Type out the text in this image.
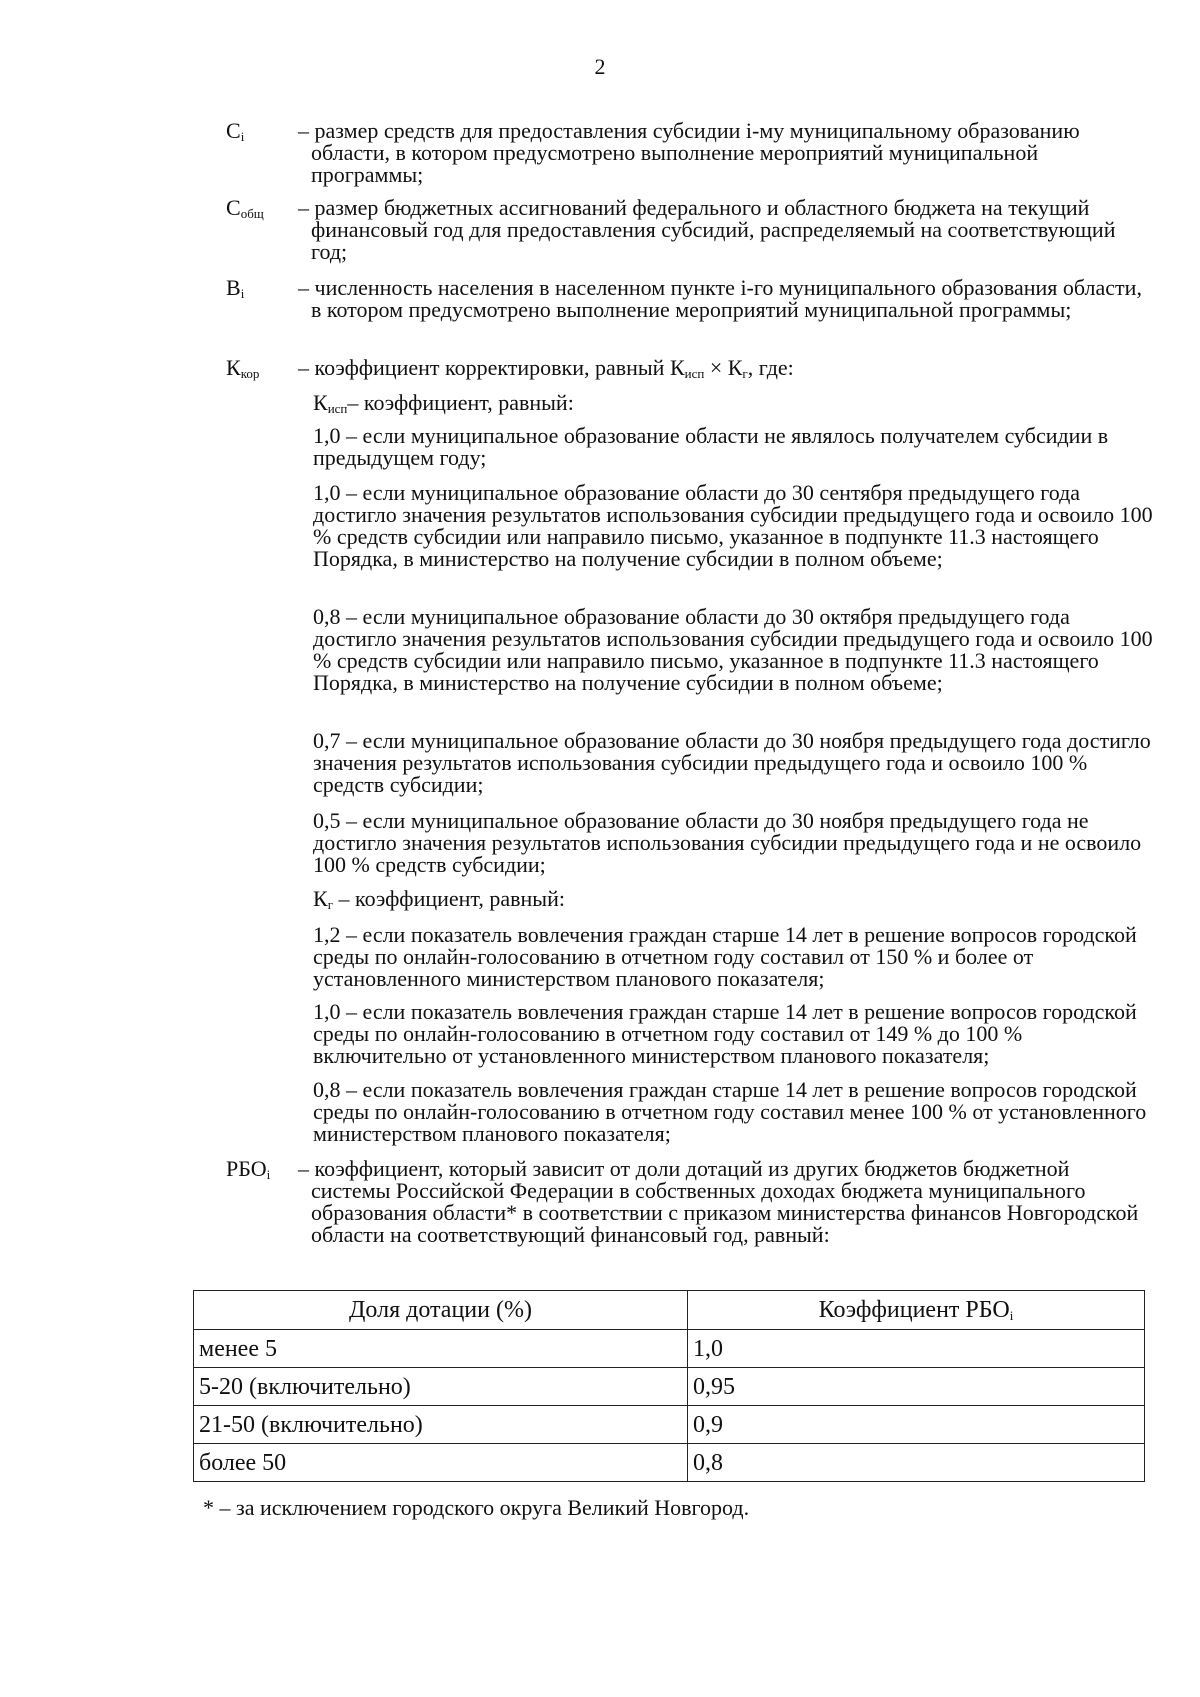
2
$С_i$	– размер средств для предоставления субсидии i-му муниципальному образованию области, в котором предусмотрено выполнение мероприятий муниципальной программы;
$С_{общ}$	– размер бюджетных ассигнований федерального и областного бюджета на текущий финансовый год для предоставления субсидий, распределяемый на соответствующий год;
$В_i$	– численность населения в населенном пункте i-го муниципального образования области, в котором предусмотрено выполнение мероприятий муниципальной программы;
$К_{кор}$	– коэффициент корректировки, равный $К_{исп} \times К_г$, где:
$К_{исп}-$ коэффициент, равный:
1,0 – если муниципальное образование области не являлось получателем субсидии в предыдущем году;
1,0 – если муниципальное образование области до 30 сентября предыдущего года достигло значения результатов использования субсидии предыдущего года и освоило 100 % средств субсидии или направило письмо, указанное в подпункте 11.3 настоящего Порядка, в министерство на получение субсидии в полном объеме;
0,8 – если муниципальное образование области до 30 октября предыдущего года достигло значения результатов использования субсидии предыдущего года и освоило 100 % средств субсидии или направило письмо, указанное в подпункте 11.3 настоящего Порядка, в министерство на получение субсидии в полном объеме;
0,7 – если муниципальное образование области до 30 ноября предыдущего года достигло значения результатов использования субсидии предыдущего года и освоило 100 % средств субсидии;
0,5 – если муниципальное образование области до 30 ноября предыдущего года не достигло значения результатов использования субсидии предыдущего года и не освоило 100 % средств субсидии;
$К_г$ – коэффициент, равный:
1,2 – если показатель вовлечения граждан старше 14 лет в решение вопросов городской среды по онлайн-голосованию в отчетном году составил от 150 % и более от установленного министерством планового показателя;
1,0 – если показатель вовлечения граждан старше 14 лет в решение вопросов городской среды по онлайн-голосованию в отчетном году составил от 149 % до 100 % включительно от установленного министерством планового показателя;
0,8 – если показатель вовлечения граждан старше 14 лет в решение вопросов городской среды по онлайн-голосованию в отчетном году составил менее 100 % от установленного министерством планового показателя;
$РБО_i$	– коэффициент, который зависит от доли дотаций из других бюджетов бюджетной системы Российской Федерации в собственных доходах бюджета муниципального образования области* в соответствии с приказом министерства финансов Новгородской области на соответствующий финансовый год, равный:
Доля дотации (%)	Коэффициент $РБО_i$
менее 5	1,0
5-20 (включительно)	0,95
21-50 (включительно)	0,9
более 50	0,8
* – за исключением городского округа Великий Новгород.
